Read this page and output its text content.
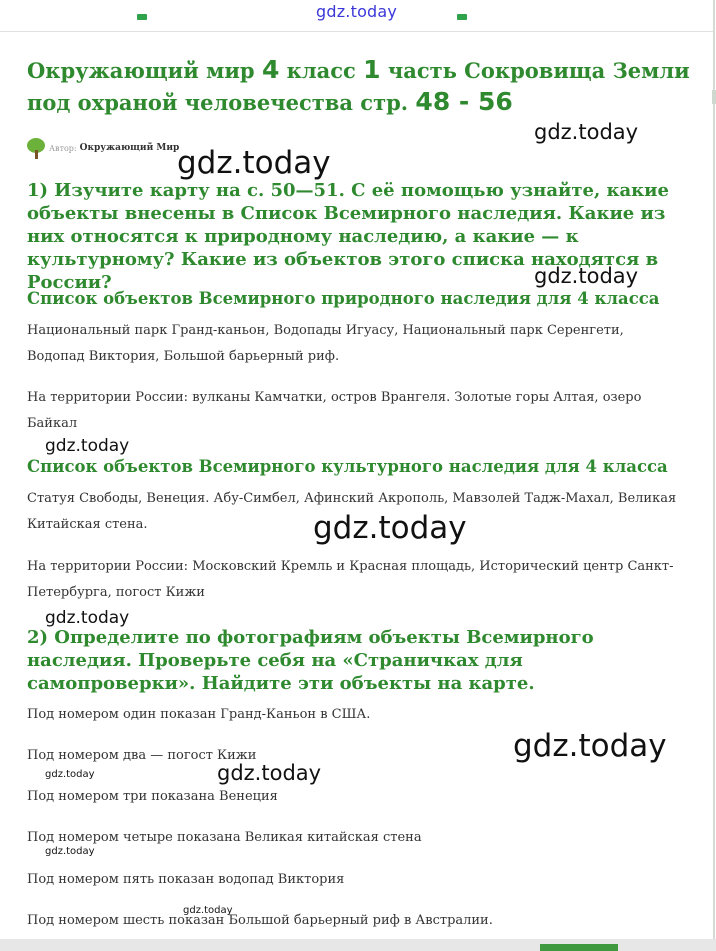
gdz.today
Окружающий мир 4 класс 1 часть Сокровища Земли под охраной человечества стр. 48 - 56
Автор: Окружающий Мир
1) Изучите карту на с. 50—51. С её помощью узнайте, какие объекты внесены в Список Всемирного наследия. Какие из них относятся к природному наследию, а какие — к культурному? Какие из объектов этого списка находятся в России?
Список объектов Всемирного природного наследия для 4 класса

Национальный парк Гранд-каньон, Водопады Игуасу, Национальный парк Серенгети, Водопад Виктория, Большой барьерный риф.

На территории России: вулканы Камчатки, остров Врангеля. Золотые горы Алтая, озеро Байкал

Список объектов Всемирного культурного наследия для 4 класса

Статуя Свободы, Венеция. Абу-Симбел, Афинский Акрополь, Мавзолей Тадж-Махал, Великая Китайская стена.

На территории России: Московский Кремль и Красная площадь, Исторический центр Санкт-Петербурга, погост Кижи

2) Определите по фотографиям объекты Всемирного наследия. Проверьте себя на «Страничках для самопроверки». Найдите эти объекты на карте.

Под номером один показан Гранд-Каньон в США.

Под номером два — погост Кижи

Под номером три показана Венеция

Под номером четыре показана Великая китайская стена

Под номером пять показан водопад Виктория

Под номером шесть показан Большой барьерный риф в Австралии.

gdz.today
gdz.today
gdz.today
gdz.today
gdz.today
gdz.today
gdz.today
gdz.today
gdz.today
gdz.today
gdz.today
